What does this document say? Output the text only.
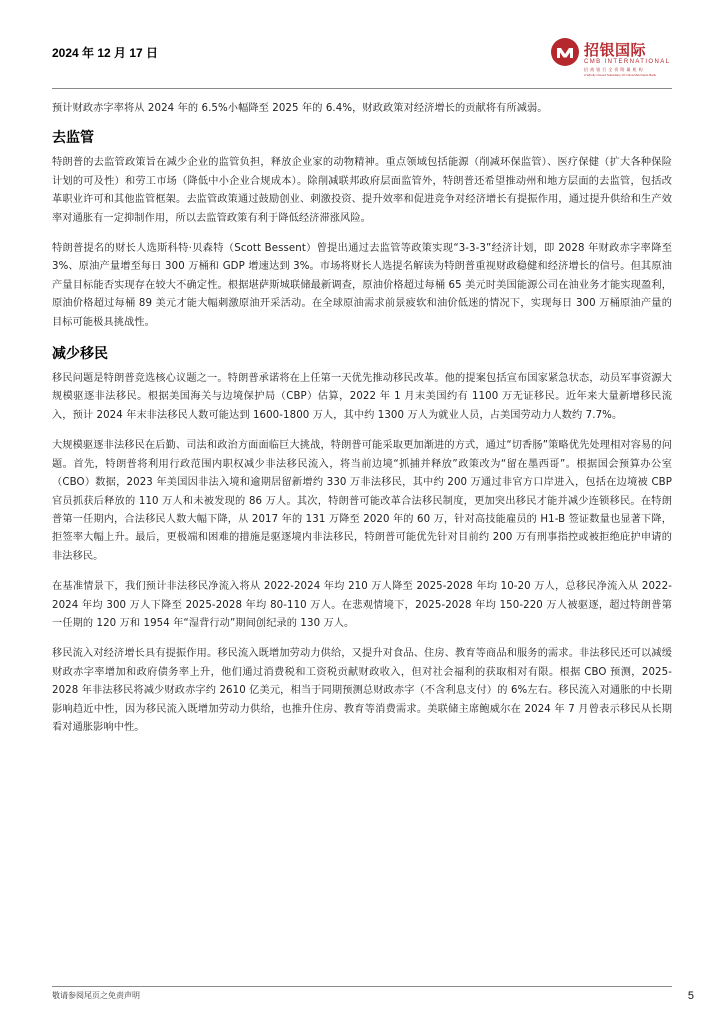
2024 年 12 月 17 日	招银国际
CMB INTERNATIONAL
招 商 银 行 全 资 附 属 机 构
A Wholly Owned Subsidiary Of China Merchants Bank

预计财政赤字率将从 2024 年的 6.5%小幅降至 2025 年的 6.4%，财政政策对经济增长的贡献将有所减弱。

去监管

特朗普的去监管政策旨在减少企业的监管负担，释放企业家的动物精神。重点领域包括能源（削减环保监管）、医疗保健（扩大各种保险计划的可及性）和劳工市场（降低中小企业合规成本）。除削减联邦政府层面监管外，特朗普还希望推动州和地方层面的去监管，包括改革职业许可和其他监管框架。去监管政策通过鼓励创业、刺激投资、提升效率和促进竞争对经济增长有提振作用，通过提升供给和生产效率对通胀有一定抑制作用，所以去监管政策有利于降低经济滞涨风险。

特朗普提名的财长人选斯科特·贝森特（Scott Bessent）曾提出通过去监管等政策实现“3-3-3”经济计划，即 2028 年财政赤字率降至 3%、原油产量增至每日 300 万桶和 GDP 增速达到 3%。市场将财长人选提名解读为特朗普重视财政稳健和经济增长的信号。但其原油产量目标能否实现存在较大不确定性。根据堪萨斯城联储最新调查，原油价格超过每桶 65 美元时美国能源公司在油业务才能实现盈利，原油价格超过每桶 89 美元才能大幅刺激原油开采活动。在全球原油需求前景疲软和油价低迷的情况下，实现每日 300 万桶原油产量的目标可能极具挑战性。

减少移民

移民问题是特朗普竞选核心议题之一。特朗普承诺将在上任第一天优先推动移民改革。他的提案包括宣布国家紧急状态，动员军事资源大规模驱逐非法移民。根据美国海关与边境保护局（CBP）估算，2022 年 1 月末美国约有 1100 万无证移民。近年来大量新增移民流入，预计 2024 年末非法移民人数可能达到 1600-1800 万人，其中约 1300 万人为就业人员，占美国劳动力人数约 7.7%。

大规模驱逐非法移民在后勤、司法和政治方面面临巨大挑战，特朗普可能采取更加渐进的方式，通过“切香肠”策略优先处理相对容易的问题。首先，特朗普将利用行政范围内职权减少非法移民流入，将当前边境“抓捕并释放”政策改为“留在墨西哥”。根据国会预算办公室（CBO）数据，2023 年美国因非法入境和逾期居留新增约 330 万非法移民，其中约 200 万通过非官方口岸进入，包括在边境被 CBP 官员抓获后释放的 110 万人和未被发现的 86 万人。其次，特朗普可能改革合法移民制度，更加突出移民才能并减少连锁移民。在特朗普第一任期内，合法移民人数大幅下降，从 2017 年的 131 万降至 2020 年的 60 万，针对高技能雇员的 H1-B 签证数量也显著下降，拒签率大幅上升。最后，更极端和困难的措施是驱逐境内非法移民，特朗普可能优先针对目前约 200 万有刑事指控或被拒绝庇护申请的非法移民。

在基准情景下，我们预计非法移民净流入将从 2022-2024 年均 210 万人降至 2025-2028 年均 10-20 万人，总移民净流入从 2022-2024 年均 300 万人下降至 2025-2028 年均 80-110 万人。在悲观情境下，2025-2028 年均 150-220 万人被驱逐，超过特朗普第一任期的 120 万和 1954 年“湿背行动”期间创纪录的 130 万人。

移民流入对经济增长具有提振作用。移民流入既增加劳动力供给，又提升对食品、住房、教育等商品和服务的需求。非法移民还可以减缓财政赤字率增加和政府债务率上升，他们通过消费税和工资税贡献财政收入，但对社会福利的获取相对有限。根据 CBO 预测，2025-2028 年非法移民将减少财政赤字约 2610 亿美元，相当于同期预测总财政赤字（不含利息支付）的 6%左右。移民流入对通胀的中长期影响趋近中性，因为移民流入既增加劳动力供给，也推升住房、教育等消费需求。美联储主席鲍威尔在 2024 年 7 月曾表示移民从长期看对通胀影响中性。

敬请参阅尾页之免责声明	5
